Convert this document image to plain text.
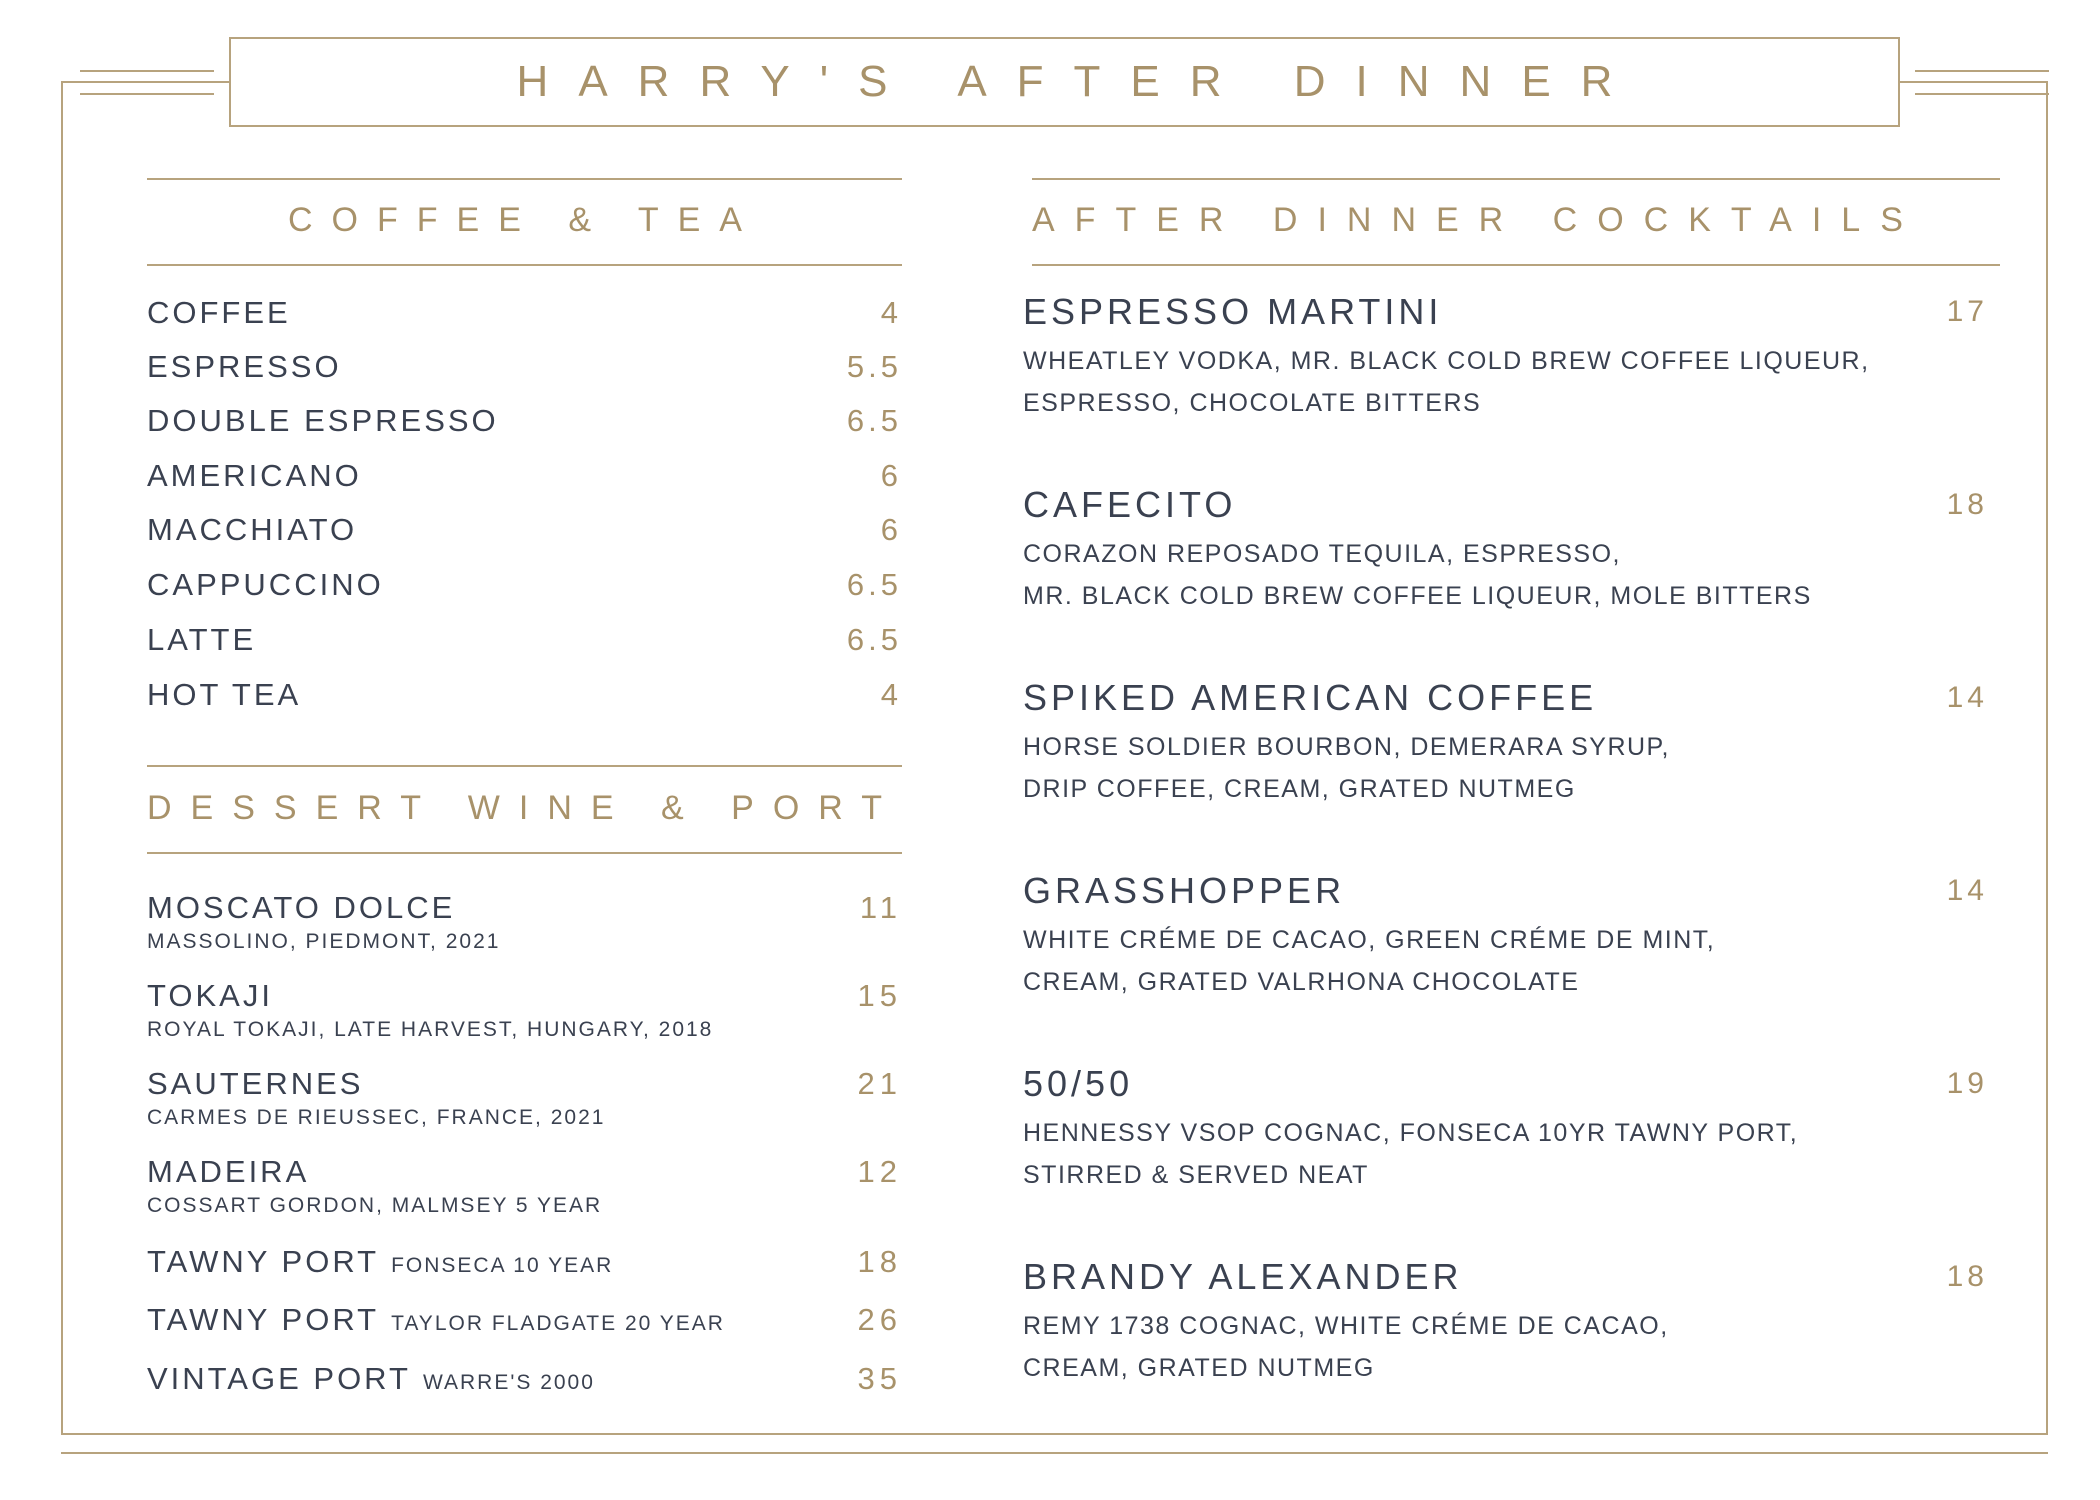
HARRY'S AFTER DINNER
COFFEE & TEA
COFFEE	4
ESPRESSO	5.5
DOUBLE ESPRESSO	6.5
AMERICANO	6
MACCHIATO	6
CAPPUCCINO	6.5
LATTE	6.5
HOT TEA	4
DESSERT WINE & PORT
MOSCATO DOLCE	11
MASSOLINO, PIEDMONT, 2021
TOKAJI	15
ROYAL TOKAJI, LATE HARVEST, HUNGARY, 2018
SAUTERNES	21
CARMES DE RIEUSSEC, FRANCE, 2021
MADEIRA	12
COSSART GORDON, MALMSEY 5 YEAR
TAWNY PORT FONSECA 10 YEAR	18
TAWNY PORT TAYLOR FLADGATE 20 YEAR	26
VINTAGE PORT WARRE'S 2000	35
AFTER DINNER COCKTAILS
ESPRESSO MARTINI	17
WHEATLEY VODKA, MR. BLACK COLD BREW COFFEE LIQUEUR,
ESPRESSO, CHOCOLATE BITTERS
CAFECITO	18
CORAZON REPOSADO TEQUILA, ESPRESSO,
MR. BLACK COLD BREW COFFEE LIQUEUR, MOLE BITTERS
SPIKED AMERICAN COFFEE	14
HORSE SOLDIER BOURBON, DEMERARA SYRUP,
DRIP COFFEE, CREAM, GRATED NUTMEG
GRASSHOPPER	14
WHITE CRÉME DE CACAO, GREEN CRÉME DE MINT,
CREAM, GRATED VALRHONA CHOCOLATE
50/50	19
HENNESSY VSOP COGNAC, FONSECA 10YR TAWNY PORT,
STIRRED & SERVED NEAT
BRANDY ALEXANDER	18
REMY 1738 COGNAC, WHITE CRÉME DE CACAO,
CREAM, GRATED NUTMEG
